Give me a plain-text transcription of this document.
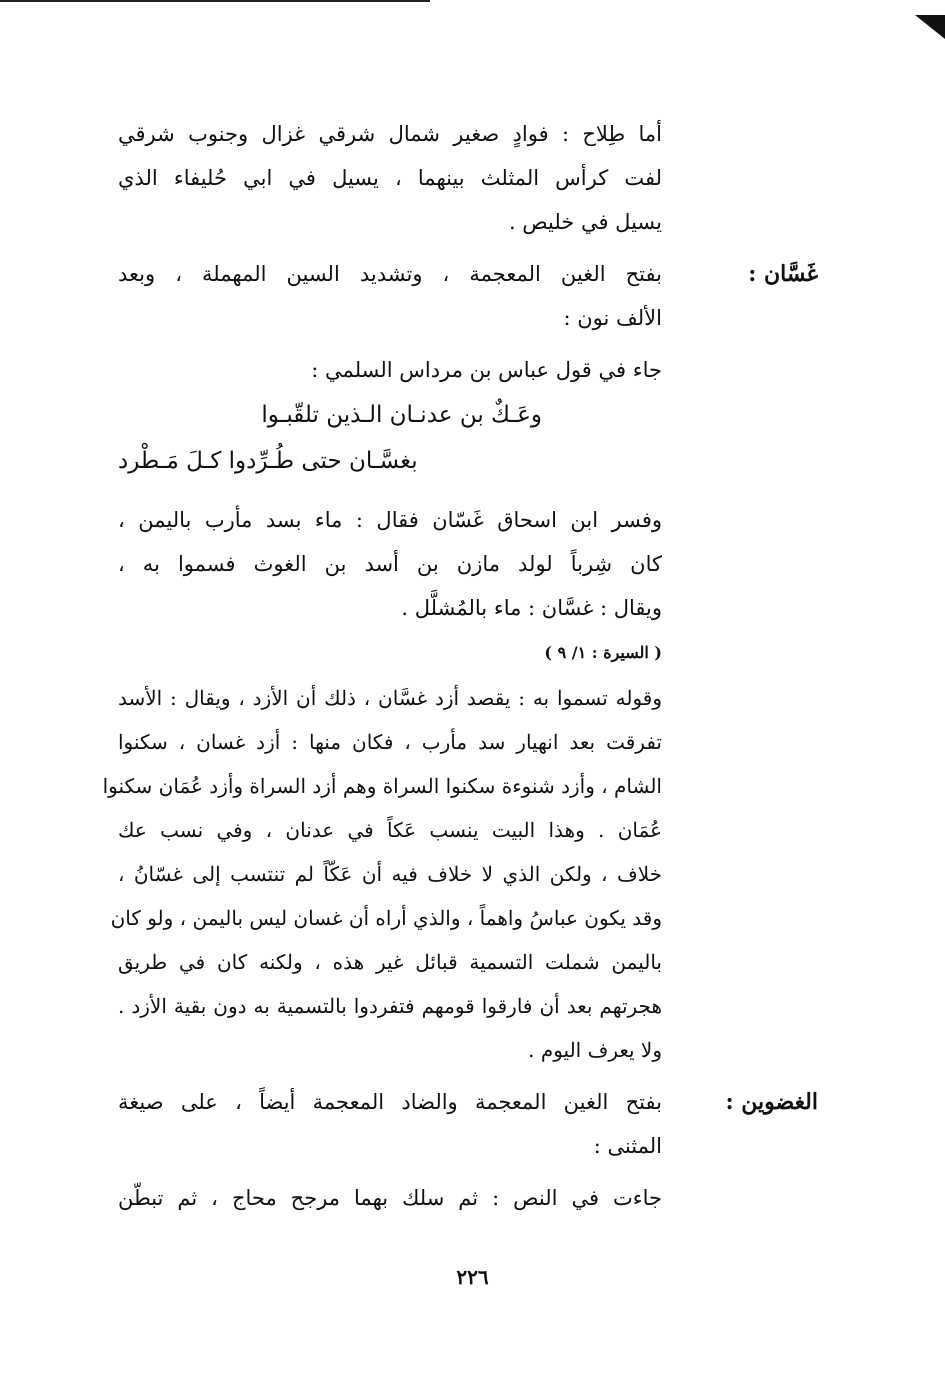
أما طِلاح : فوادٍ صغير شمال شرقي غزال وجنوب شرقي
لفت كرأس المثلث بينهما ، يسيل في ابي حُليفاء الذي
يسيل في خليص .
غَسَّان :
بفتح الغين المعجمة ، وتشديد السين المهملة ، وبعد
الألف نون :
جاء في قول عباس بن مرداس السلمي :
وعَـكٌ بن عدنـان الـذين تلقّبـوا
بغسَّـان حتى طُـرِّدوا كـلَ مَـطْرد
وفسر ابن اسحاق غَسّان فقال : ماء بسد مأرب باليمن ،
كان شِرباً لولد مازن بن أسد بن الغوث فسموا به ،
ويقال : غسَّان : ماء بالمُشلَّل .
( السيرة : ١/ ٩ )
وقوله تسموا به : يقصد أزد غسَّان ، ذلك أن الأزد ، ويقال : الأسد
تفرقت بعد انهيار سد مأرب ، فكان منها : أزد غسان ، سكنوا
الشام ، وأزد شنوءة سكنوا السراة وهم أزد السراة وأزد عُمَان سكنوا
عُمَان . وهذا البيت ينسب عَكاً في عدنان ، وفي نسب عك
خلاف ، ولكن الذي لا خلاف فيه أن عَكّاً لم تنتسب إلى غسّانُ ،
وقد يكون عباسُ واهماً ، والذي أراه أن غسان ليس باليمن ، ولو كان
باليمن شملت التسمية قبائل غير هذه ، ولكنه كان في طريق
هجرتهم بعد أن فارقوا قومهم فتفردوا بالتسمية به دون بقية الأزد .
ولا يعرف اليوم .
الغضوين :
بفتح الغين المعجمة والضاد المعجمة أيضاً ، على صيغة
المثنى :
جاءت في النص : ثم سلك بهما مرجح محاج ، ثم تبطّن
٢٢٦
